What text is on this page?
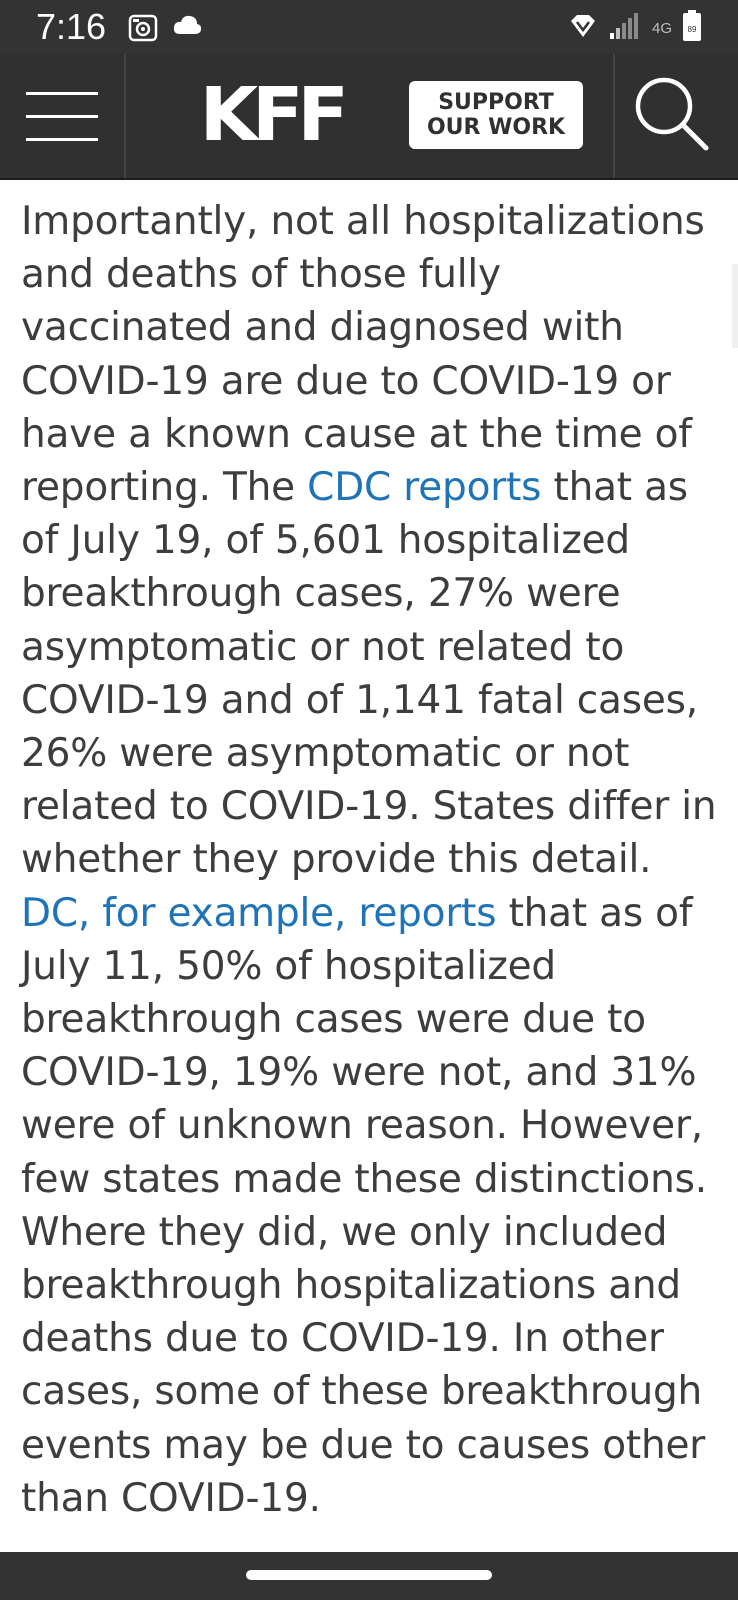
7:16	4G 89
KFF	SUPPORT
OUR WORK
Importantly, not all hospitalizations and deaths of those fully vaccinated and diagnosed with COVID-19 are due to COVID-19 or have a known cause at the time of reporting. The CDC reports that as of July 19, of 5,601 hospitalized breakthrough cases, 27% were asymptomatic or not related to COVID-19 and of 1,141 fatal cases, 26% were asymptomatic or not related to COVID-19. States differ in whether they provide this detail. DC, for example, reports that as of July 11, 50% of hospitalized breakthrough cases were due to COVID-19, 19% were not, and 31% were of unknown reason. However, few states made these distinctions. Where they did, we only included breakthrough hospitalizations and deaths due to COVID-19. In other cases, some of these breakthrough events may be due to causes other than COVID-19.
